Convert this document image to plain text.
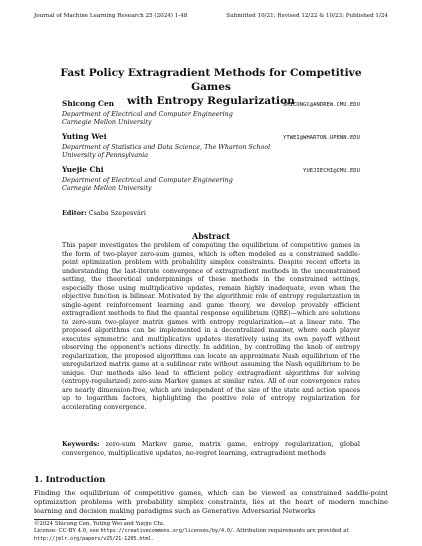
Journal of Machine Learning Research 25 (2024) 1-48	Submitted 10/21; Revised 12/22 & 10/23; Published 1/24
Fast Policy Extragradient Methods for Competitive Games
with Entropy Regularization
Shicong Cen	SHICONGC@ANDREW.CMU.EDU
Department of Electrical and Computer Engineering
Carnegie Mellon University
Yuting Wei	YTWEI@WHARTON.UPENN.EDU
Department of Statistics and Data Science, The Wharton School
University of Pennsylvania
Yuejie Chi	YUEJIECHI@CMU.EDU
Department of Electrical and Computer Engineering
Carnegie Mellon University
Editor: Csaba Szepesvári
Abstract

This paper investigates the problem of computing the equilibrium of competitive games in the form of two-player zero-sum games, which is often modeled as a constrained saddle-point optimization problem with probability simplex constraints. Despite recent efforts in understanding the last-iterate convergence of extragradient methods in the unconstrained setting, the theoretical underpinnings of these methods in the constrained settings, especially those using multiplicative updates, remain highly inadequate, even when the objective function is bilinear. Motivated by the algorithmic role of entropy regularization in single-agent reinforcement learning and game theory, we develop provably efficient extragradient methods to find the quantal response equilibrium (QRE)—which are solutions to zero-sum two-player matrix games with entropy regularization—at a linear rate. The proposed algorithms can be implemented in a decentralized manner, where each player executes symmetric and multiplicative updates iteratively using its own payoff without observing the opponent's actions directly. In addition, by controlling the knob of entropy regularization, the proposed algorithms can locate an approximate Nash equilibrium of the unregularized matrix game at a sublinear rate without assuming the Nash equilibrium to be unique. Our methods also lead to efficient policy extragradient algorithms for solving (entropy-regularized) zero-sum Markov games at similar rates. All of our convergence rates are nearly dimension-free, which are independent of the size of the state and action spaces up to logarithm factors, highlighting the positive role of entropy regularization for accelerating convergence.

Keywords: zero-sum Markov game, matrix game, entropy regularization, global convergence, multiplicative updates, no-regret learning, extragradient methods

1. Introduction

Finding the equilibrium of competitive games, which can be viewed as constrained saddle-point optimization problems with probability simplex constraints, lies at the heart of modern machine learning and decision making paradigms such as Generative Adversarial Networks

©2024 Shicong Cen, Yuting Wei and Yuejie Chi.
License: CC-BY 4.0, see https://creativecommons.org/licenses/by/4.0/. Attribution requirements are provided at
http://jmlr.org/papers/v25/21-1205.html.
